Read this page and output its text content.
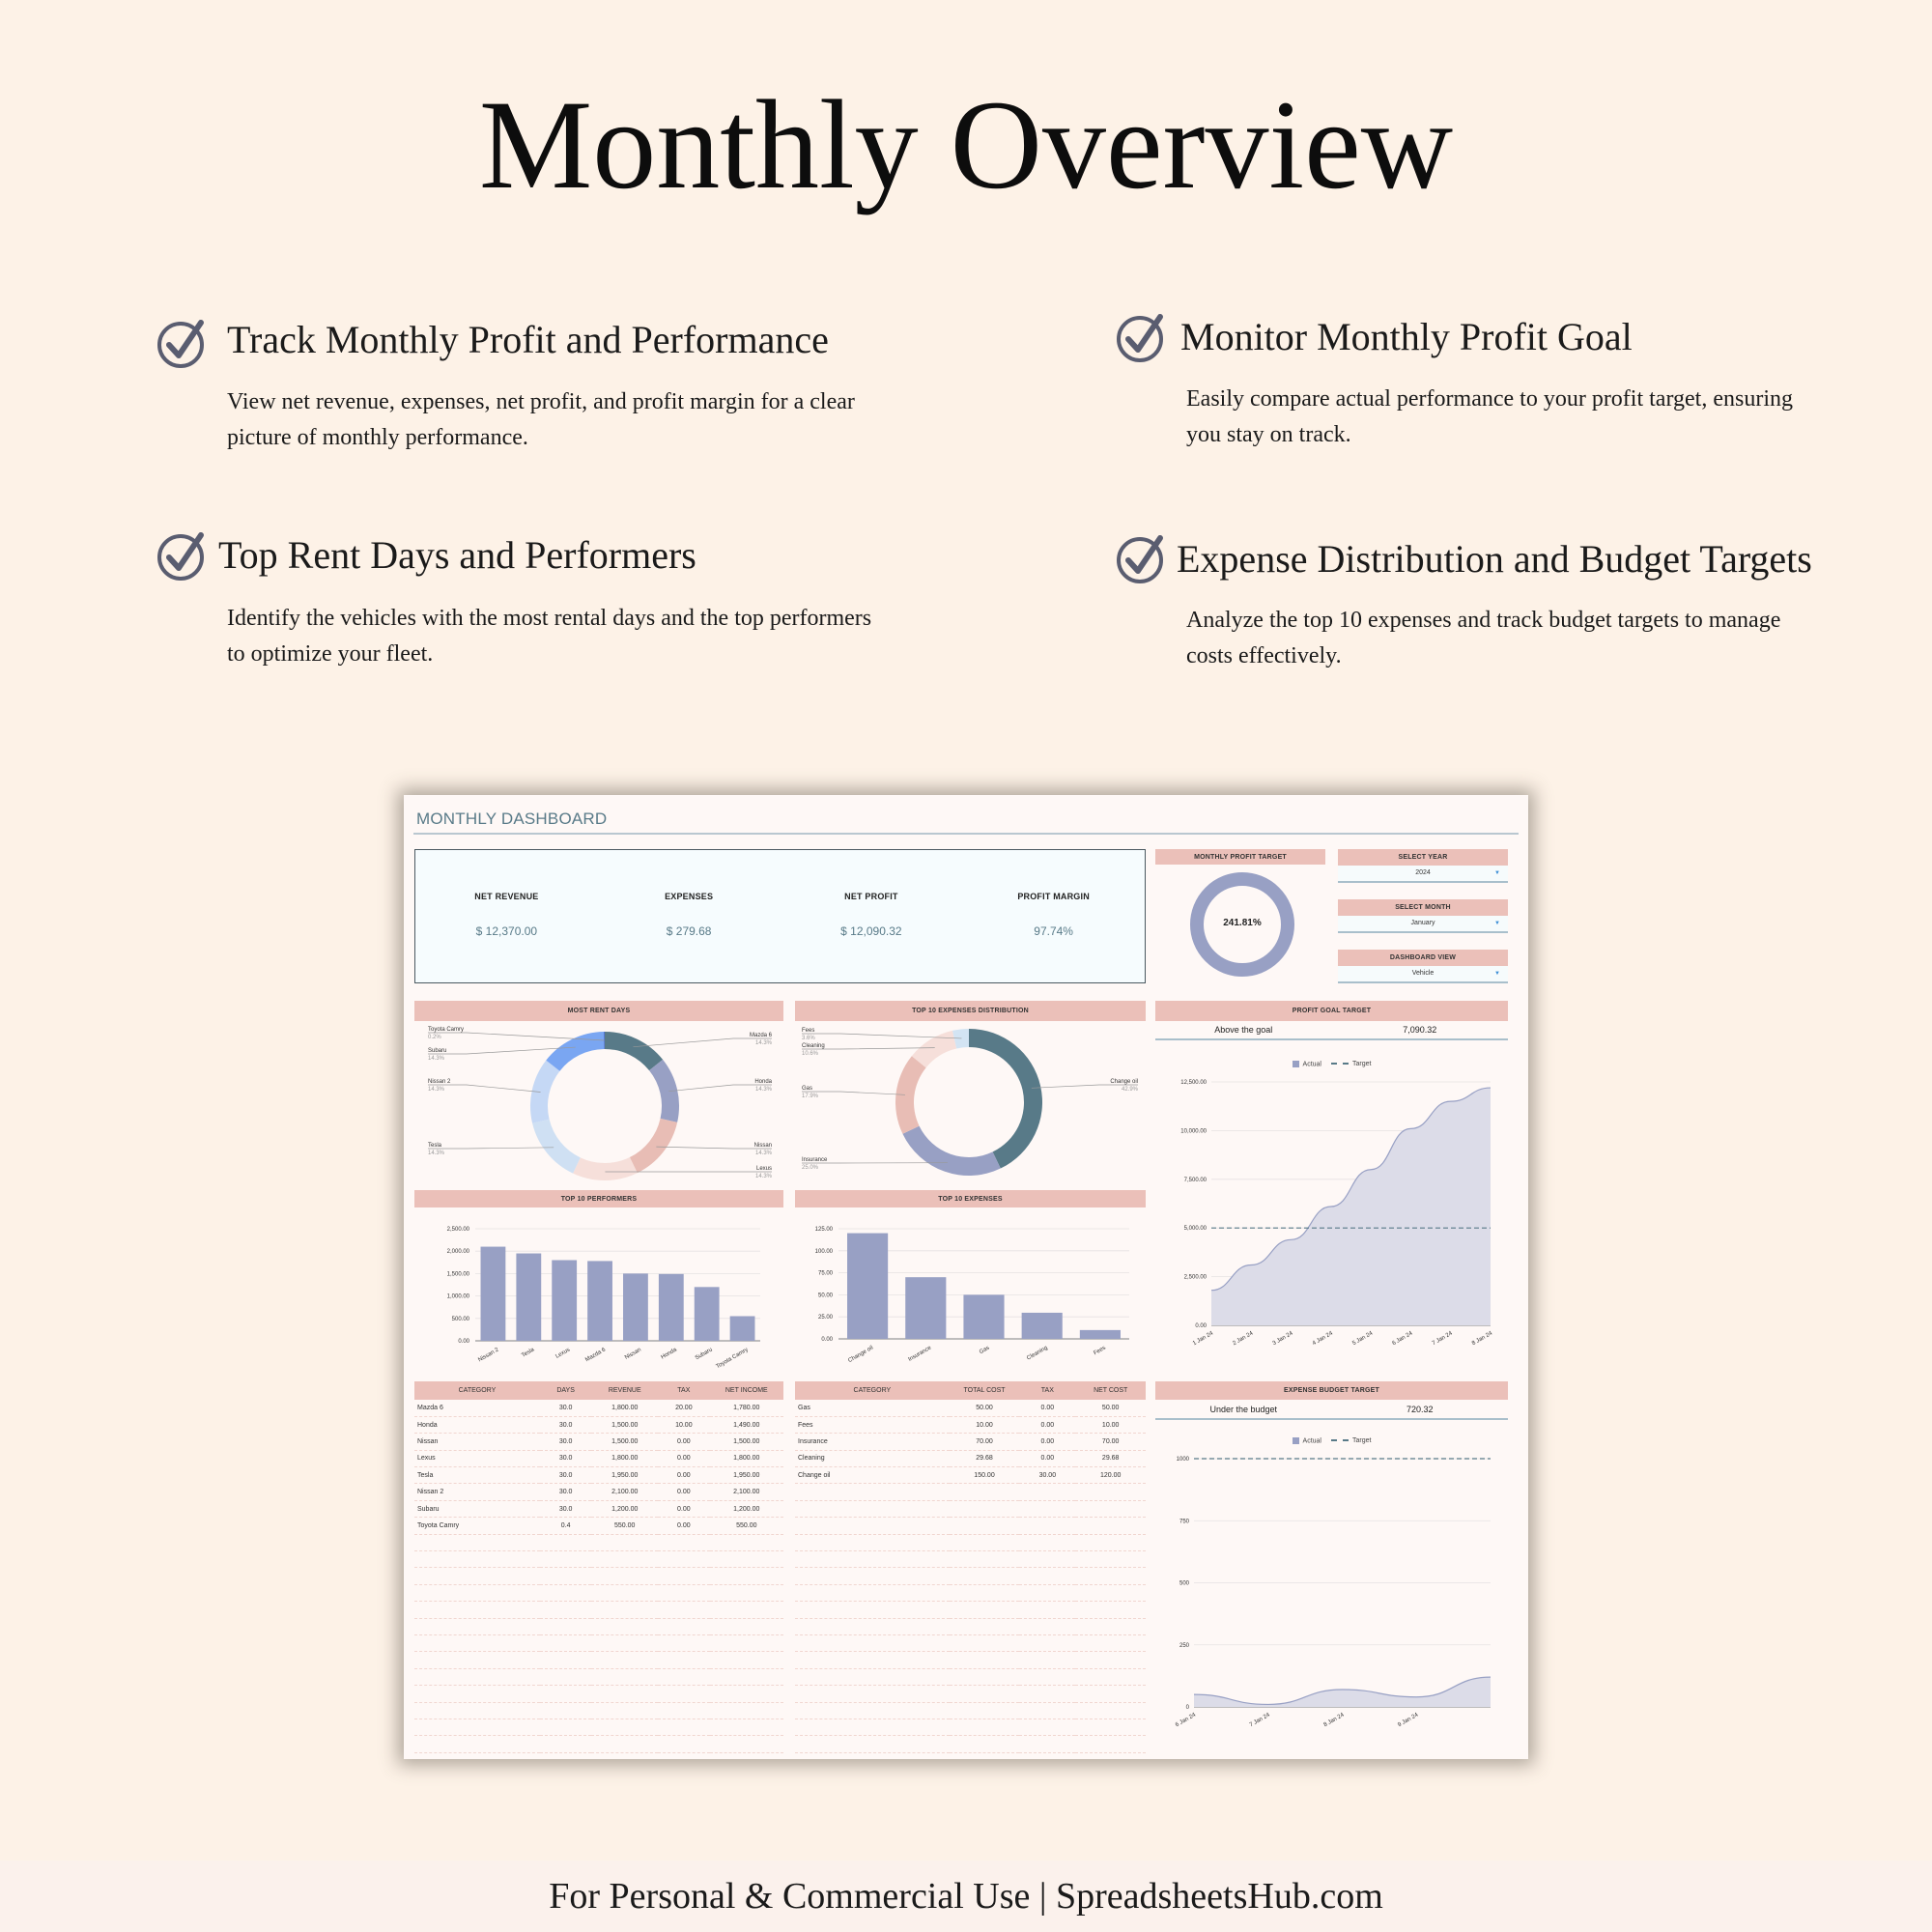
Monthly Overview
Track Monthly Profit and Performance
View net revenue, expenses, net profit, and profit margin for a clear picture of monthly performance.
Monitor Monthly Profit Goal
Easily compare actual performance to your profit target, ensuring you stay on track.
Top Rent Days and Performers
Identify the vehicles with the most rental days and the top performers to optimize your fleet.
Expense Distribution and Budget Targets
Analyze the top 10 expenses and track budget targets to manage costs effectively.
MONTHLY DASHBOARD
NET REVENUE
$ 12,370.00
EXPENSES
$ 279.68
NET PROFIT
$ 12,090.32
PROFIT MARGIN
97.74%
MONTHLY PROFIT TARGET
241.81%
SELECT YEAR
2024	▼
SELECT MONTH
January	▼
DASHBOARD VIEW
Vehicle	▼
MOST RENT DAYS	TOP 10 EXPENSES DISTRIBUTION	PROFIT GOAL TARGET
Mazda 6
14.3%
Honda
14.3%
Nissan
14.3%
Lexus
14.3%
Tesla
14.3%
Nissan 2
14.3%
Subaru
14.3%
Toyota Camry
0.2%
Change oil
42.9%
Insurance
25.0%
Gas
17.9%
Cleaning
10.6%
Fees
3.6%
Above the goal	7,090.32
Actual	Target
0.00
2,500.00
5,000.00
7,500.00
10,000.00
12,500.00
1 Jan 24	2 Jan 24	3 Jan 24	4 Jan 24	5 Jan 24	6 Jan 24	7 Jan 24	8 Jan 24
TOP 10 PERFORMERS	TOP 10 EXPENSES
0.00
500.00
1,000.00
1,500.00
2,000.00
2,500.00
Nissan 2	Tesla	Lexus Mazda 6	Nissan	Honda	Subaru Toyota Camry
0.00
25.00
50.00
75.00
100.00
125.00
Change oil	Insurance	Gas	Cleaning	Fees
CATEGORY	DAYS	REVENUE	TAX	NET INCOME
Mazda 6	30.0	1,800.00	20.00	1,780.00
Honda	30.0	1,500.00	10.00	1,490.00
Nissan	30.0	1,500.00	0.00	1,500.00
Lexus	30.0	1,800.00	0.00	1,800.00
Tesla	30.0	1,950.00	0.00	1,950.00
Nissan 2	30.0	2,100.00	0.00	2,100.00
Subaru	30.0	1,200.00	0.00	1,200.00
Toyota Camry	0.4	550.00	0.00	550.00

CATEGORY	TOTAL COST	TAX	NET COST
Gas	50.00	0.00	50.00
Fees	10.00	0.00	10.00
Insurance	70.00	0.00	70.00
Cleaning	29.68	0.00	29.68
Change oil	150.00	30.00	120.00

EXPENSE BUDGET TARGET
Under the budget	720.32
Actual	Target
0
250
500
750
1000
6 Jan 24	7 Jan 24	8 Jan 24	9 Jan 24
For Personal & Commercial Use | SpreadsheetsHub.com
